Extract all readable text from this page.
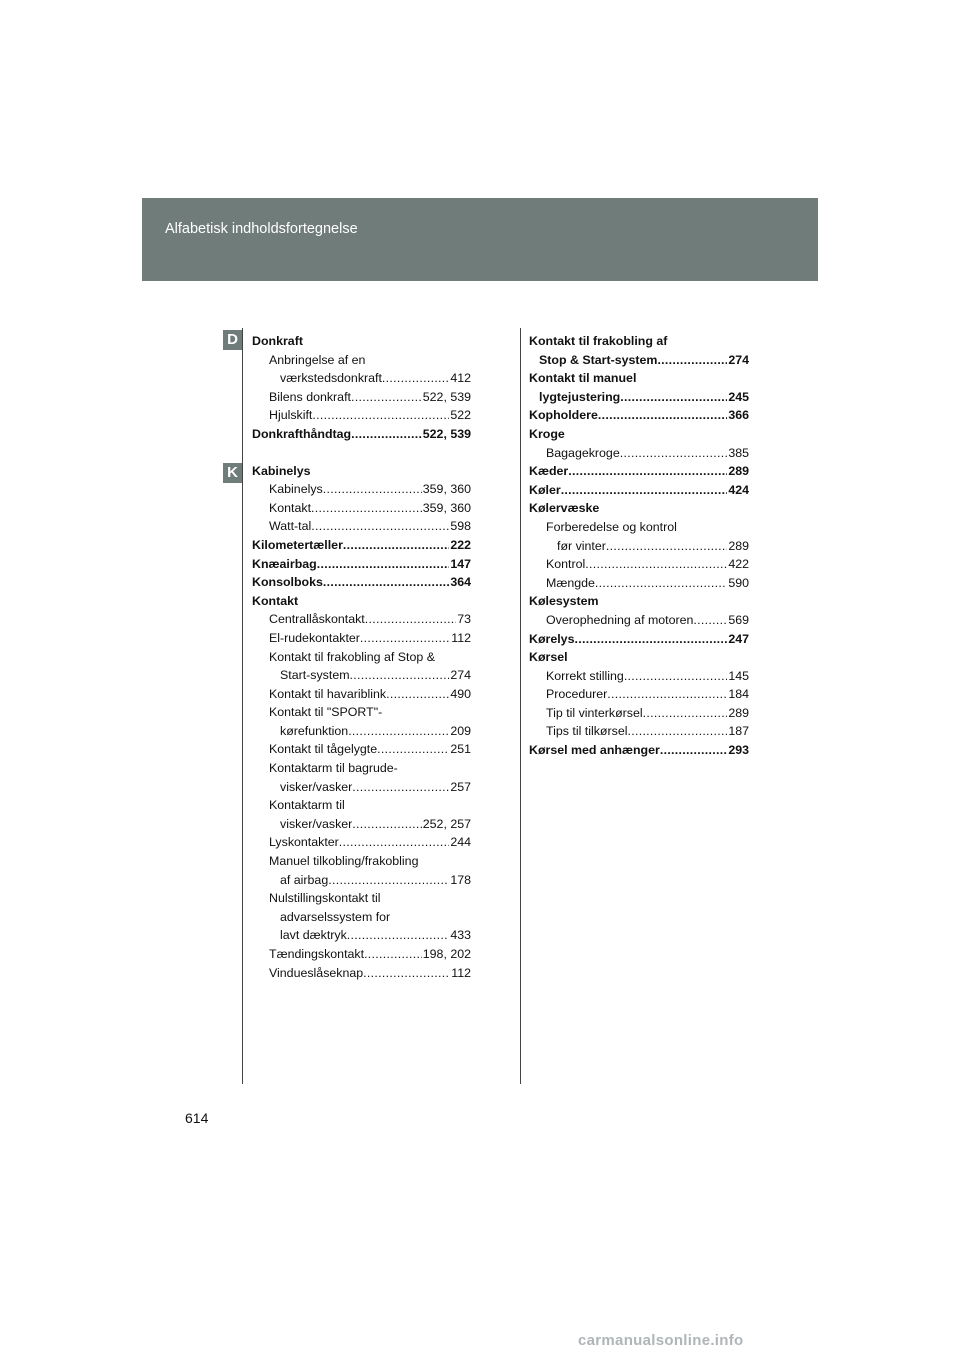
Alfabetisk indholdsfortegnelse
D
K
Donkraft
Anbringelse af en
værkstedsdonkraft .....	412
Bilens donkraft .....	522, 539
Hjulskift .....	522
Donkrafthåndtag .....	522, 539
Kabinelys
Kabinelys .....	359, 360
Kontakt .....	359, 360
Watt-tal .....	598
Kilometertæller .....	222
Knæairbag .....	147
Konsolboks .....	364
Kontakt
Centrallåskontakt .....	73
El-rudekontakter .....	112
Kontakt til frakobling af Stop &
Start-system .....	274
Kontakt til havariblink .....	490
Kontakt til "SPORT"-
kørefunktion .....	209
Kontakt til tågelygte .....	251
Kontaktarm til bagrude-
visker/vasker .....	257
Kontaktarm til
visker/vasker .....	252, 257
Lyskontakter .....	244
Manuel tilkobling/frakobling
af airbag .....	178
Nulstillingskontakt til
advarselssystem for
lavt dæktryk .....	433
Tændingskontakt .....	198, 202
Vindueslåseknap .....	112
Kontakt til frakobling af
Stop & Start-system .....	274
Kontakt til manuel
lygtejustering .....	245
Kopholdere .....	366
Kroge
Bagagekroge .....	385
Kæder .....	289
Køler .....	424
Kølervæske
Forberedelse og kontrol
før vinter .....	289
Kontrol .....	422
Mængde .....	590
Kølesystem
Overophedning af motoren .....	569
Kørelys .....	247
Kørsel
Korrekt stilling .....	145
Procedurer .....	184
Tip til vinterkørsel .....	289
Tips til tilkørsel .....	187
Kørsel med anhænger .....	293
614
carmanualsonline.info
